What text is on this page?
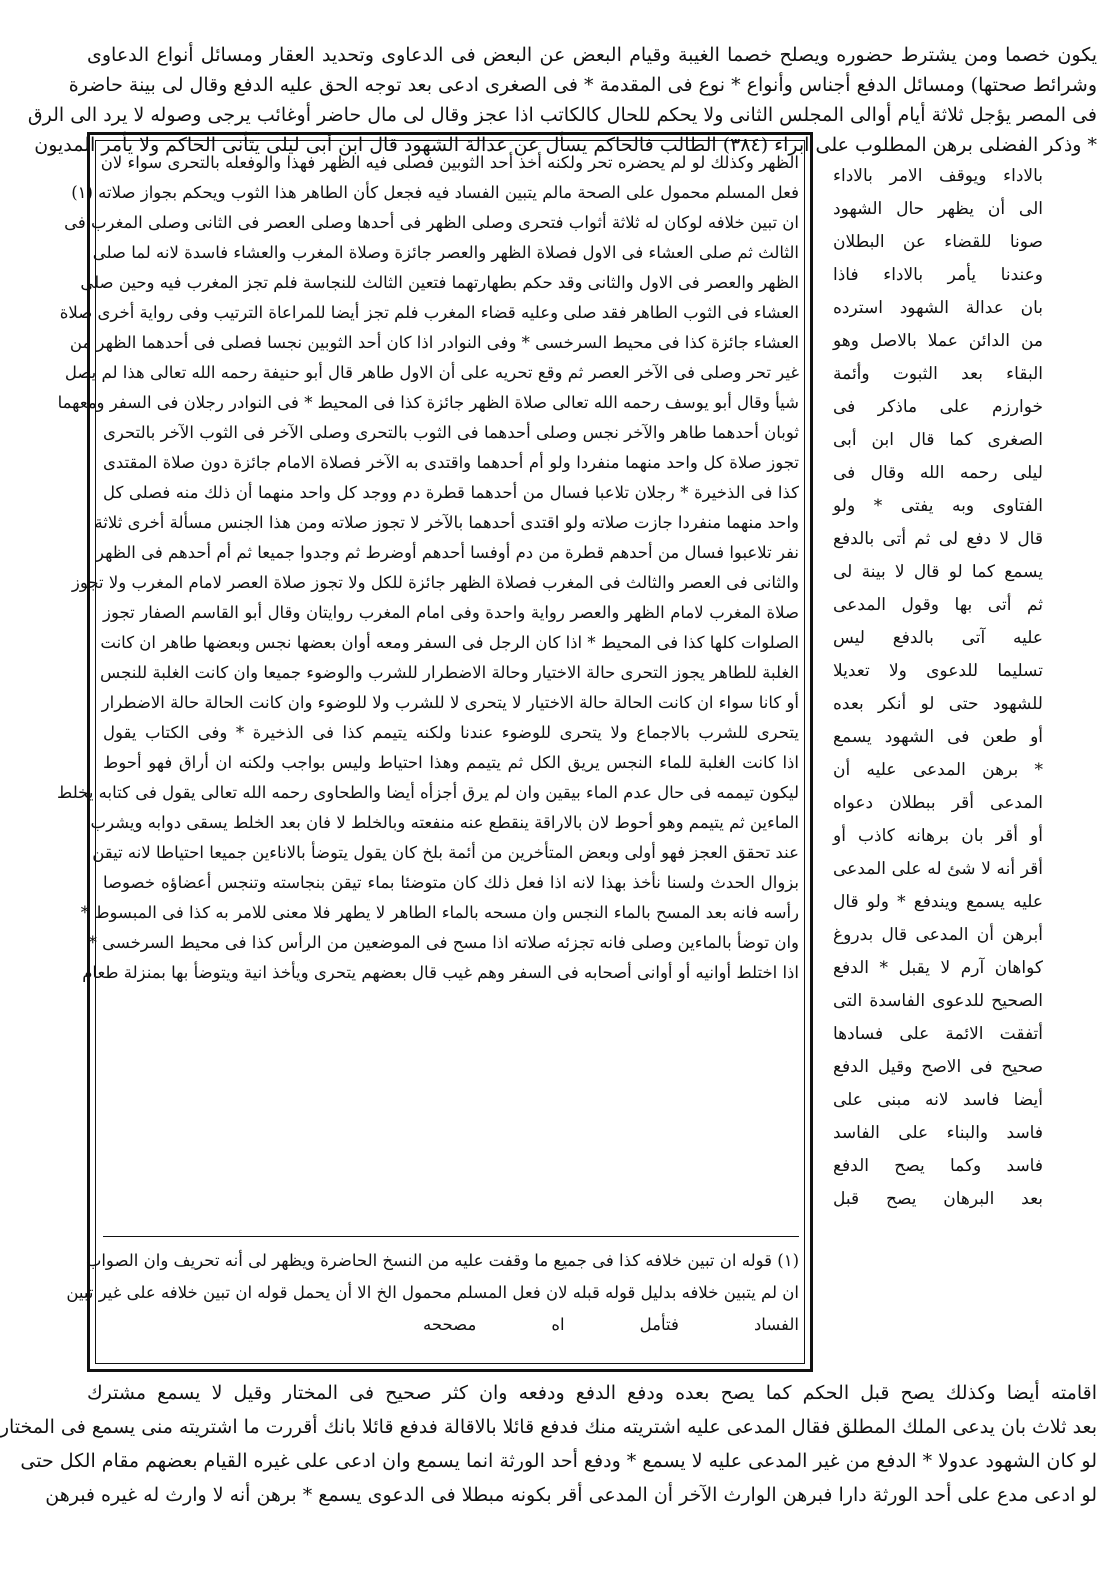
يكون خصما ومن يشترط حضوره ويصلح خصما الغيبة وقيام البعض عن البعض فى الدعاوى وتحديد العقار ومسائل أنواع الدعاوى
وشرائط صحتها) ومسائل الدفع أجناس وأنواع * نوع فى المقدمة * فى الصغرى ادعى بعد توجه الحق عليه الدفع وقال لى بينة حاضرة
فى المصر يؤجل ثلاثة أيام أوالى المجلس الثانى ولا يحكم للحال كالكاتب اذا عجز وقال لى مال حاضر أوغائب يرجى وصوله لا يرد الى الرق
* وذكر الفضلى برهن المطلوب على ابراء (٣٨٤) الطالب فالحاكم يسأل عن عدالة الشهود قال ابن أبى ليلى يتأنى الحاكم ولا يأمر المديون
بالاداء ويوقف الامر بالاداء
الى أن يظهر حال الشهود
صونا للقضاء عن البطلان
وعندنا يأمر بالاداء فاذا
بان عدالة الشهود استرده
من الدائن عملا بالاصل وهو
البقاء بعد الثبوت وأئمة
خوارزم على ماذكر فى
الصغرى كما قال ابن أبى
ليلى رحمه الله وقال فى
الفتاوى وبه يفتى * ولو
قال لا دفع لى ثم أتى بالدفع
يسمع كما لو قال لا بينة لى
ثم أتى بها وقول المدعى
عليه آتى بالدفع ليس
تسليما للدعوى ولا تعديلا
للشهود حتى لو أنكر بعده
أو طعن فى الشهود يسمع
* برهن المدعى عليه أن
المدعى أقر ببطلان دعواه
أو أقر بان برهانه كاذب أو
أقر أنه لا شئ له على المدعى
عليه يسمع ويندفع * ولو قال
أبرهن أن المدعى قال بدروغ
كواهان آرم لا يقبل * الدفع
الصحيح للدعوى الفاسدة التى
أتفقت الائمة على فسادها
صحيح فى الاصح وقيل الدفع
أيضا فاسد لانه مبنى على
فاسد والبناء على الفاسد
فاسد وكما يصح الدفع
بعد البرهان يصح قبل
الظهر وكذلك لو لم يحضره تحر ولكنه أخذ أحد الثوبين فصلى فيه الظهر فهذا والوفعله بالتحرى سواء لان
فعل المسلم محمول على الصحة مالم يتبين الفساد فيه فجعل كأن الطاهر هذا الثوب ويحكم بجواز صلاته (١)
ان تبين خلافه لوكان له ثلاثة أثواب فتحرى وصلى الظهر فى أحدها وصلى العصر فى الثانى وصلى المغرب فى
الثالث ثم صلى العشاء فى الاول فصلاة الظهر والعصر جائزة وصلاة المغرب والعشاء فاسدة لانه لما صلى
الظهر والعصر فى الاول والثانى وقد حكم بطهارتهما فتعين الثالث للنجاسة فلم تجز المغرب فيه وحين صلى
العشاء فى الثوب الطاهر فقد صلى وعليه قضاء المغرب فلم تجز أيضا للمراعاة الترتيب وفى رواية أخرى صلاة
العشاء جائزة كذا فى محيط السرخسى * وفى النوادر اذا كان أحد الثوبين نجسا فصلى فى أحدهما الظهر من
غير تحر وصلى فى الآخر العصر ثم وقع تحريه على أن الاول طاهر قال أبو حنيفة رحمه الله تعالى هذا لم يصل
شيأ وقال أبو يوسف رحمه الله تعالى صلاة الظهر جائزة كذا فى المحيط * فى النوادر رجلان فى السفر ومعهما
ثوبان أحدهما طاهر والآخر نجس وصلى أحدهما فى الثوب بالتحرى وصلى الآخر فى الثوب الآخر بالتحرى
تجوز صلاة كل واحد منهما منفردا ولو أم أحدهما واقتدى به الآخر فصلاة الامام جائزة دون صلاة المقتدى
كذا فى الذخيرة * رجلان تلاعبا فسال من أحدهما قطرة دم ووجد كل واحد منهما أن ذلك منه فصلى كل
واحد منهما منفردا جازت صلاته ولو اقتدى أحدهما بالآخر لا تجوز صلاته ومن هذا الجنس مسألة أخرى ثلاثة
نفر تلاعبوا فسال من أحدهم قطرة من دم أوفسا أحدهم أوضرط ثم وجدوا جميعا ثم أم أحدهم فى الظهر
والثانى فى العصر والثالث فى المغرب فصلاة الظهر جائزة للكل ولا تجوز صلاة العصر لامام المغرب ولا تجوز
صلاة المغرب لامام الظهر والعصر رواية واحدة وفى امام المغرب روايتان وقال أبو القاسم الصفار تجوز
الصلوات كلها كذا فى المحيط * اذا كان الرجل فى السفر ومعه أوان بعضها نجس وبعضها طاهر ان كانت
الغلبة للطاهر يجوز التحرى حالة الاختيار وحالة الاضطرار للشرب والوضوء جميعا وان كانت الغلبة للنجس
أو كانا سواء ان كانت الحالة حالة الاختيار لا يتحرى لا للشرب ولا للوضوء وان كانت الحالة حالة الاضطرار
يتحرى للشرب بالاجماع ولا يتحرى للوضوء عندنا ولكنه يتيمم كذا فى الذخيرة * وفى الكتاب يقول
اذا كانت الغلبة للماء النجس يريق الكل ثم يتيمم وهذا احتياط وليس بواجب ولكنه ان أراق فهو أحوط
ليكون تيممه فى حال عدم الماء بيقين وان لم يرق أجزأه أيضا والطحاوى رحمه الله تعالى يقول فى كتابه يخلط
الماءين ثم يتيمم وهو أحوط لان بالاراقة ينقطع عنه منفعته وبالخلط لا فان بعد الخلط يسقى دوابه ويشرب
عند تحقق العجز فهو أولى وبعض المتأخرين من أئمة بلخ كان يقول يتوضأ بالاناءين جميعا احتياطا لانه تيقن
بزوال الحدث ولسنا نأخذ بهذا لانه اذا فعل ذلك كان متوضئا بماء تيقن بنجاسته وتنجس أعضاؤه خصوصا
رأسه فانه بعد المسح بالماء النجس وان مسحه بالماء الطاهر لا يطهر فلا معنى للامر به كذا فى المبسوط *
وان توضأ بالماءين وصلى فانه تجزئه صلاته اذا مسح فى الموضعين من الرأس كذا فى محيط السرخسى *
اذا اختلط أوانيه أو أوانى أصحابه فى السفر وهم غيب قال بعضهم يتحرى ويأخذ انية ويتوضأ بها بمنزلة طعام
(١) قوله ان تبين خلافه كذا فى جميع ما وقفت عليه من النسخ الحاضرة ويظهر لى أنه تحريف وان الصواب
ان لم يتبين خلافه بدليل قوله قبله لان فعل المسلم محمول الخ الا أن يحمل قوله ان تبين خلافه على غير تبين
الفساد فتأمل اه مصححه
اقامته أيضا وكذلك يصح قبل الحكم كما يصح بعده ودفع الدفع ودفعه وان كثر صحيح فى المختار وقيل لا يسمع مشترك
بعد ثلاث بان يدعى الملك المطلق فقال المدعى عليه اشتريته منك فدفع قائلا بالاقالة فدفع قائلا بانك أقررت ما اشتريته منى يسمع فى المختار
لو كان الشهود عدولا * الدفع من غير المدعى عليه لا يسمع * ودفع أحد الورثة انما يسمع وان ادعى على غيره القيام بعضهم مقام الكل حتى
لو ادعى مدع على أحد الورثة دارا فبرهن الوارث الآخر أن المدعى أقر بكونه مبطلا فى الدعوى يسمع * برهن أنه لا وارث له غيره فبرهن
